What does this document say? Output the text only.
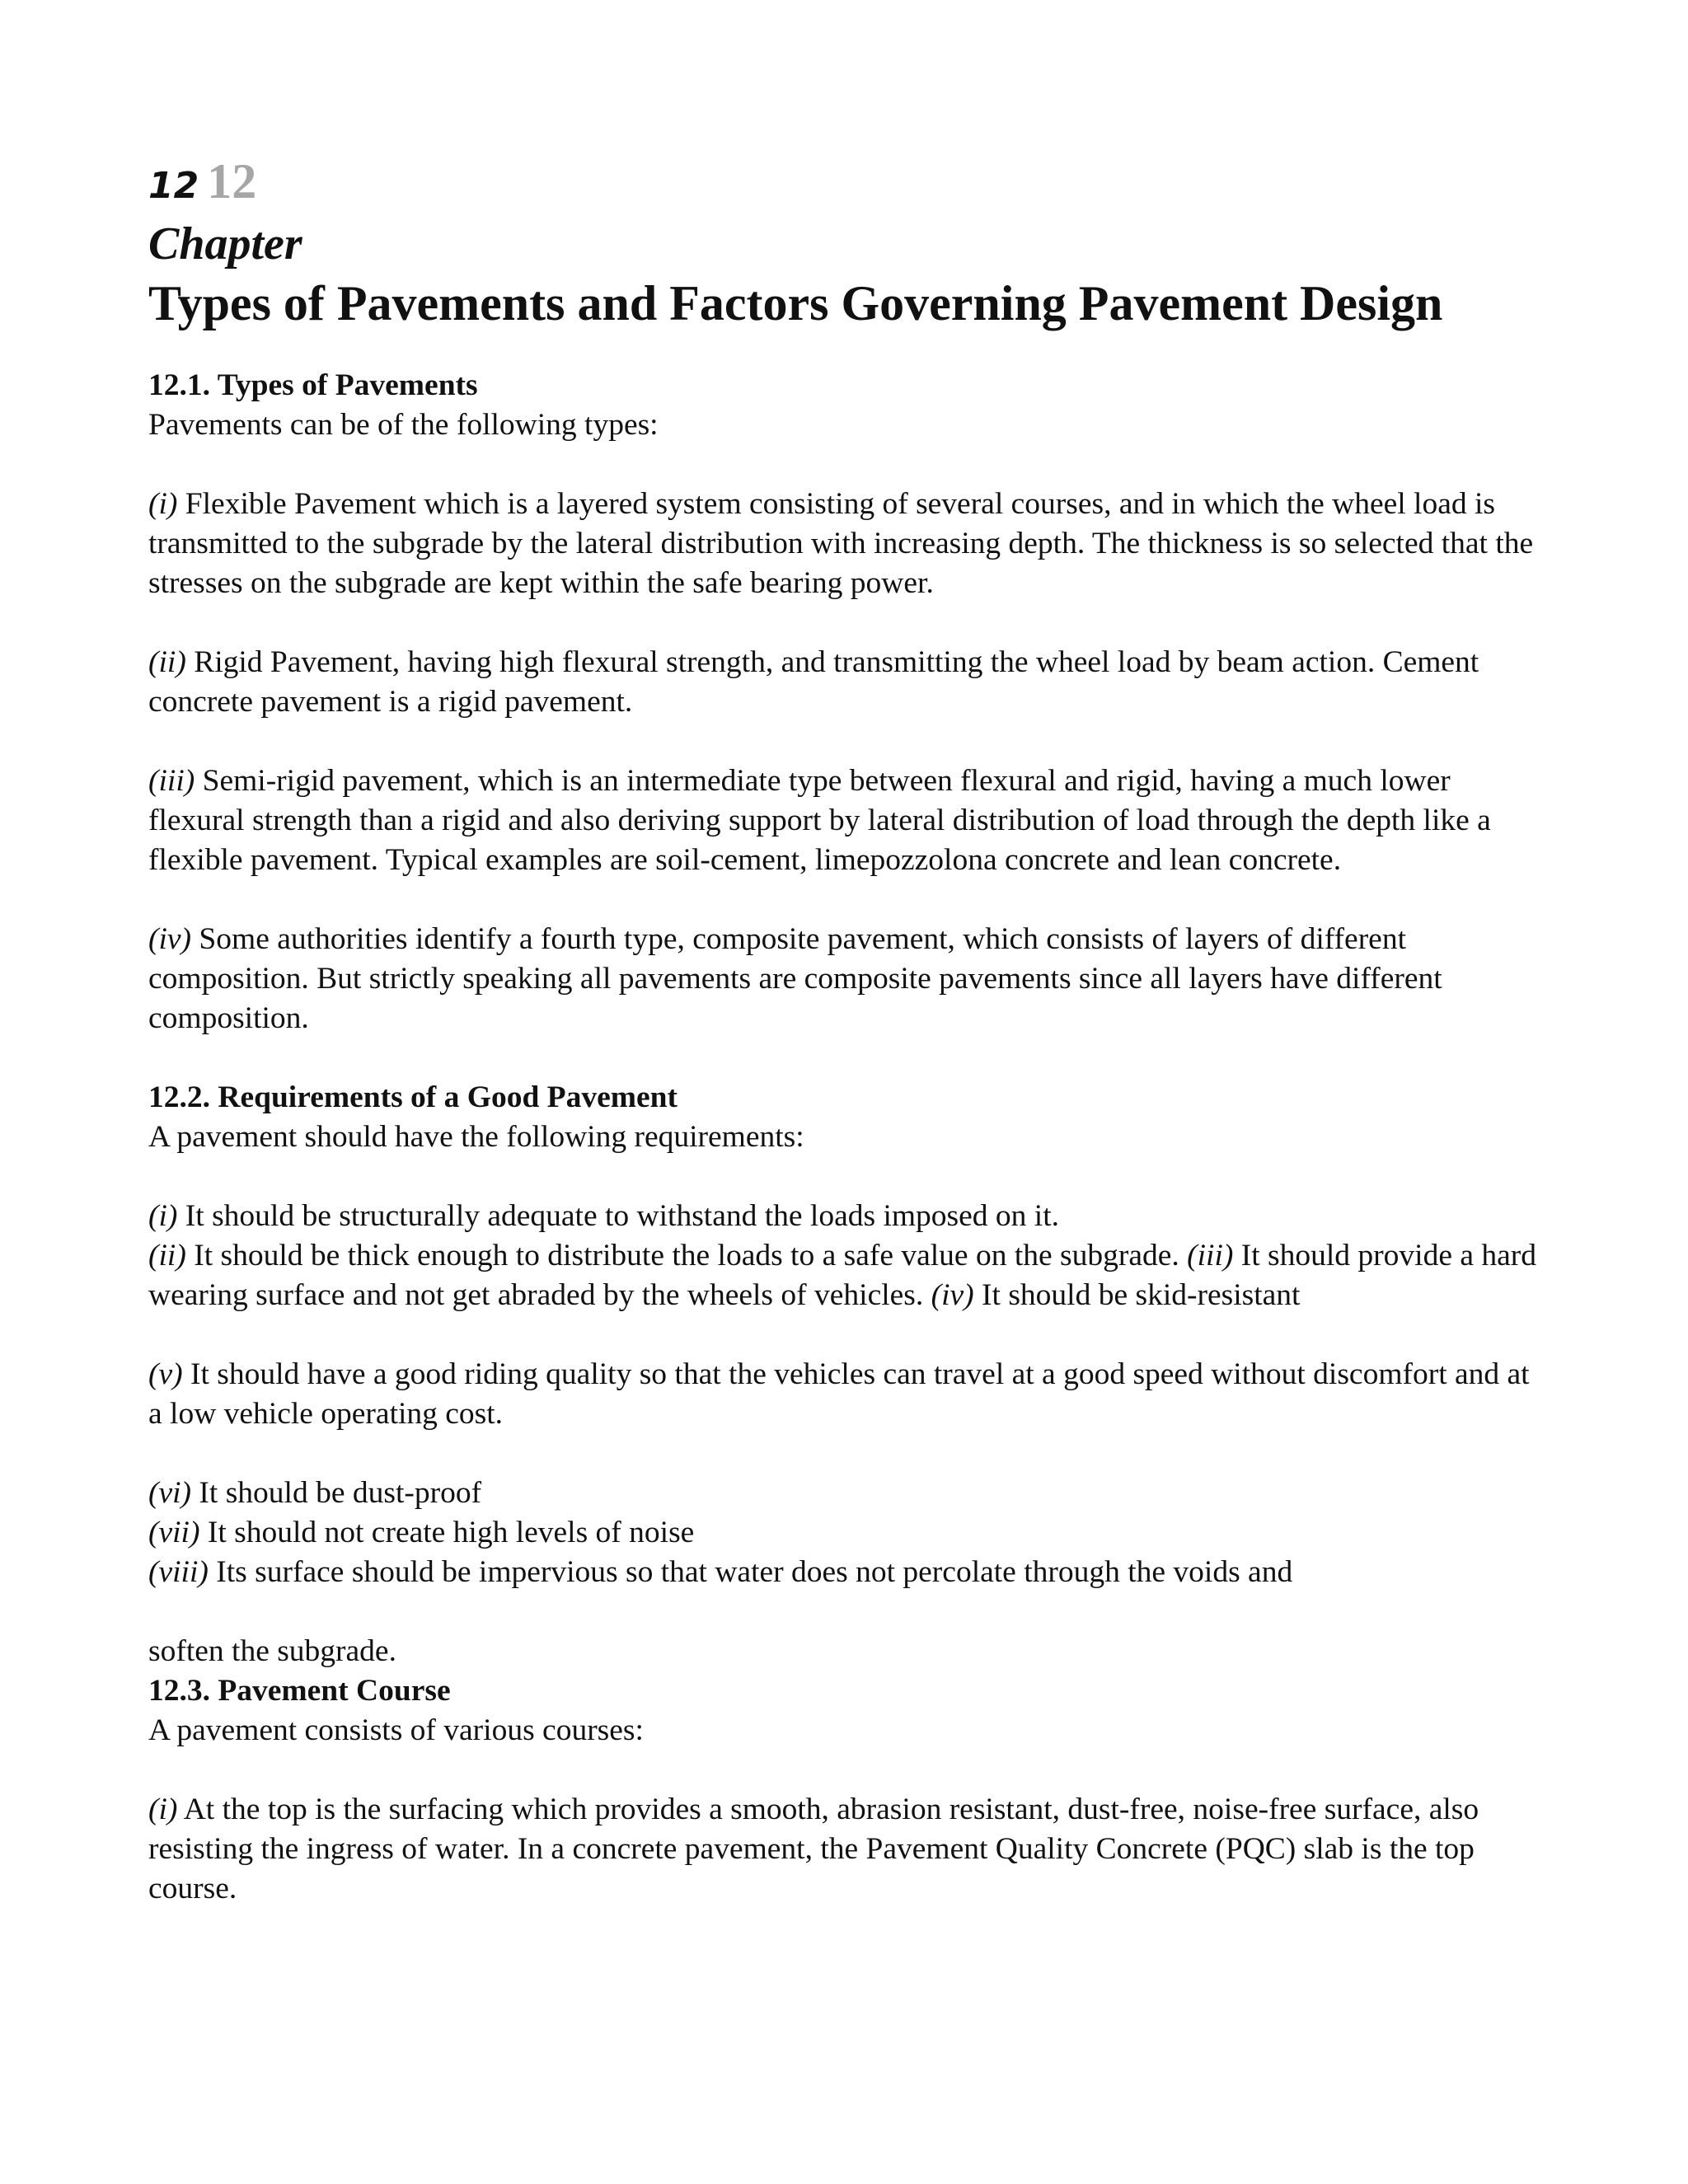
12 12
Chapter
Types of Pavements and Factors Governing Pavement Design

12.1. Types of Pavements

Pavements can be of the following types:

(i) Flexible Pavement which is a layered system consisting of several courses, and in which the wheel load is transmitted to the subgrade by the lateral distribution with increasing depth. The thickness is so selected that the stresses on the subgrade are kept within the safe bearing power.

(ii) Rigid Pavement, having high flexural strength, and transmitting the wheel load by beam action. Cement concrete pavement is a rigid pavement.

(iii) Semi-rigid pavement, which is an intermediate type between flexural and rigid, having a much lower flexural strength than a rigid and also deriving support by lateral distribution of load through the depth like a flexible pavement. Typical examples are soil-cement, limepozzolona concrete and lean concrete.

(iv) Some authorities identify a fourth type, composite pavement, which consists of layers of different composition. But strictly speaking all pavements are composite pavements since all layers have different composition.

12.2. Requirements of a Good Pavement

A pavement should have the following requirements:

(i) It should be structurally adequate to withstand the loads imposed on it.

(ii) It should be thick enough to distribute the loads to a safe value on the subgrade. (iii) It should provide a hard wearing surface and not get abraded by the wheels of vehicles. (iv) It should be skid-resistant

(v) It should have a good riding quality so that the vehicles can travel at a good speed without discomfort and at a low vehicle operating cost.

(vi) It should be dust-proof

(vii) It should not create high levels of noise

(viii) Its surface should be impervious so that water does not percolate through the voids and

soften the subgrade.

12.3. Pavement Course

A pavement consists of various courses:

(i) At the top is the surfacing which provides a smooth, abrasion resistant, dust-free, noise-free surface, also resisting the ingress of water. In a concrete pavement, the Pavement Quality Concrete (PQC) slab is the top course.
